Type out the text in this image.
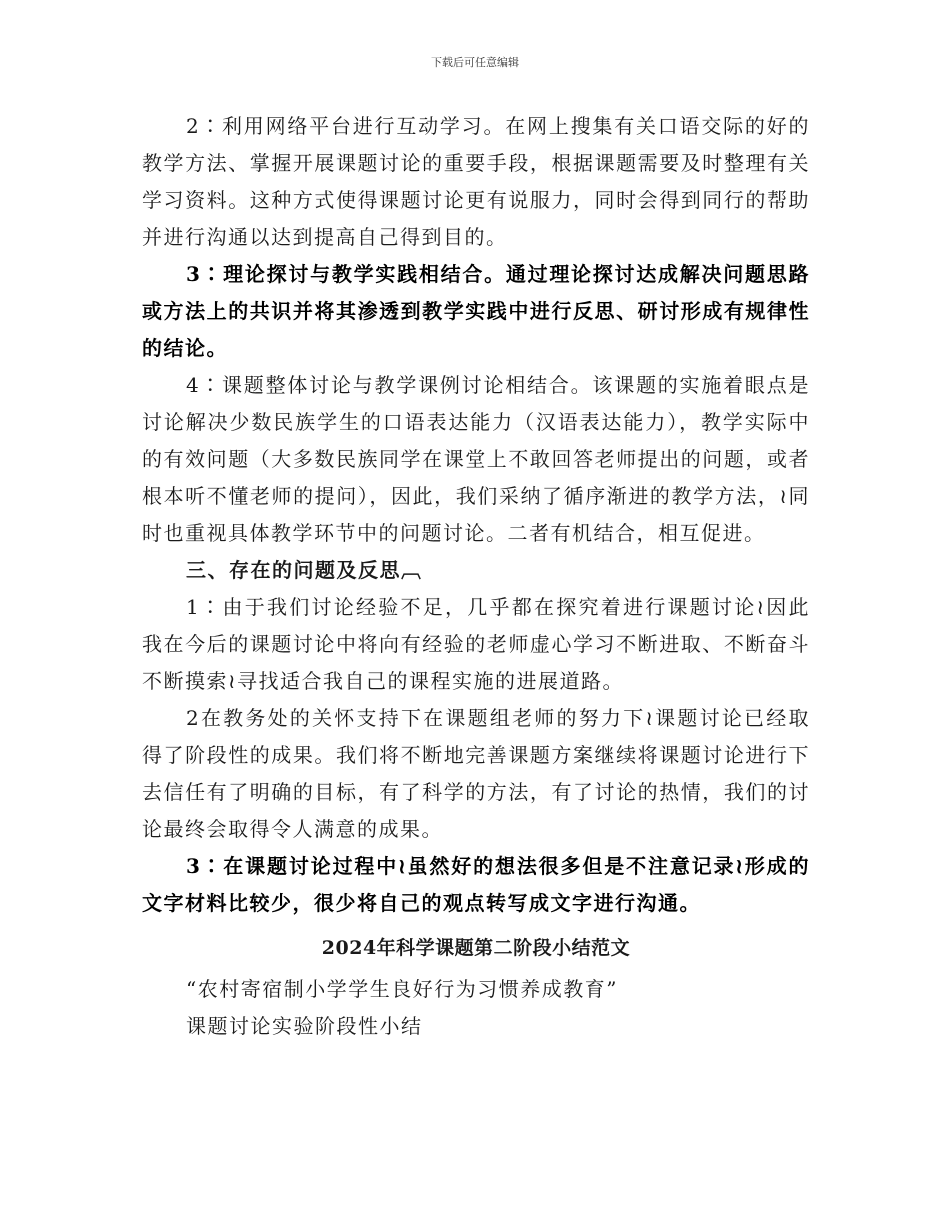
下载后可任意编辑

2∶利用网络平台进行互动学习。在网上搜集有关口语交际的好的教学方法、掌握开展课题讨论的重要手段，根据课题需要及时整理有关学习资料。这种方式使得课题讨论更有说服力，同时会得到同行的帮助并进行沟通以达到提高自己得到目的。

3∶理论探讨与教学实践相结合。通过理论探讨达成解决问题思路或方法上的共识并将其渗透到教学实践中进行反思、研讨形成有规律性的结论。

4∶课题整体讨论与教学课例讨论相结合。该课题的实施着眼点是讨论解决少数民族学生的口语表达能力（汉语表达能力），教学实际中的有效问题（大多数民族同学在课堂上不敢回答老师提出的问题，或者根本听不懂老师的提问），因此，我们采纳了循序渐进的教学方法，≀同时也重视具体教学环节中的问题讨论。二者有机结合，相互促进。

三、存在的问题及反思︹

1∶由于我们讨论经验不足，几乎都在探究着进行课题讨论≀因此我在今后的课题讨论中将向有经验的老师虚心学习不断进取、不断奋斗不断摸索≀寻找适合我自己的课程实施的进展道路。

2在教务处的关怀支持下在课题组老师的努力下≀课题讨论已经取得了阶段性的成果。我们将不断地完善课题方案继续将课题讨论进行下去信任有了明确的目标，有了科学的方法，有了讨论的热情，我们的讨论最终会取得令人满意的成果。

3∶在课题讨论过程中≀虽然好的想法很多但是不注意记录≀形成的文字材料比较少，很少将自己的观点转写成文字进行沟通。

2024年科学课题第二阶段小结范文

“农村寄宿制小学学生良好行为习惯养成教育”

课题讨论实验阶段性小结
